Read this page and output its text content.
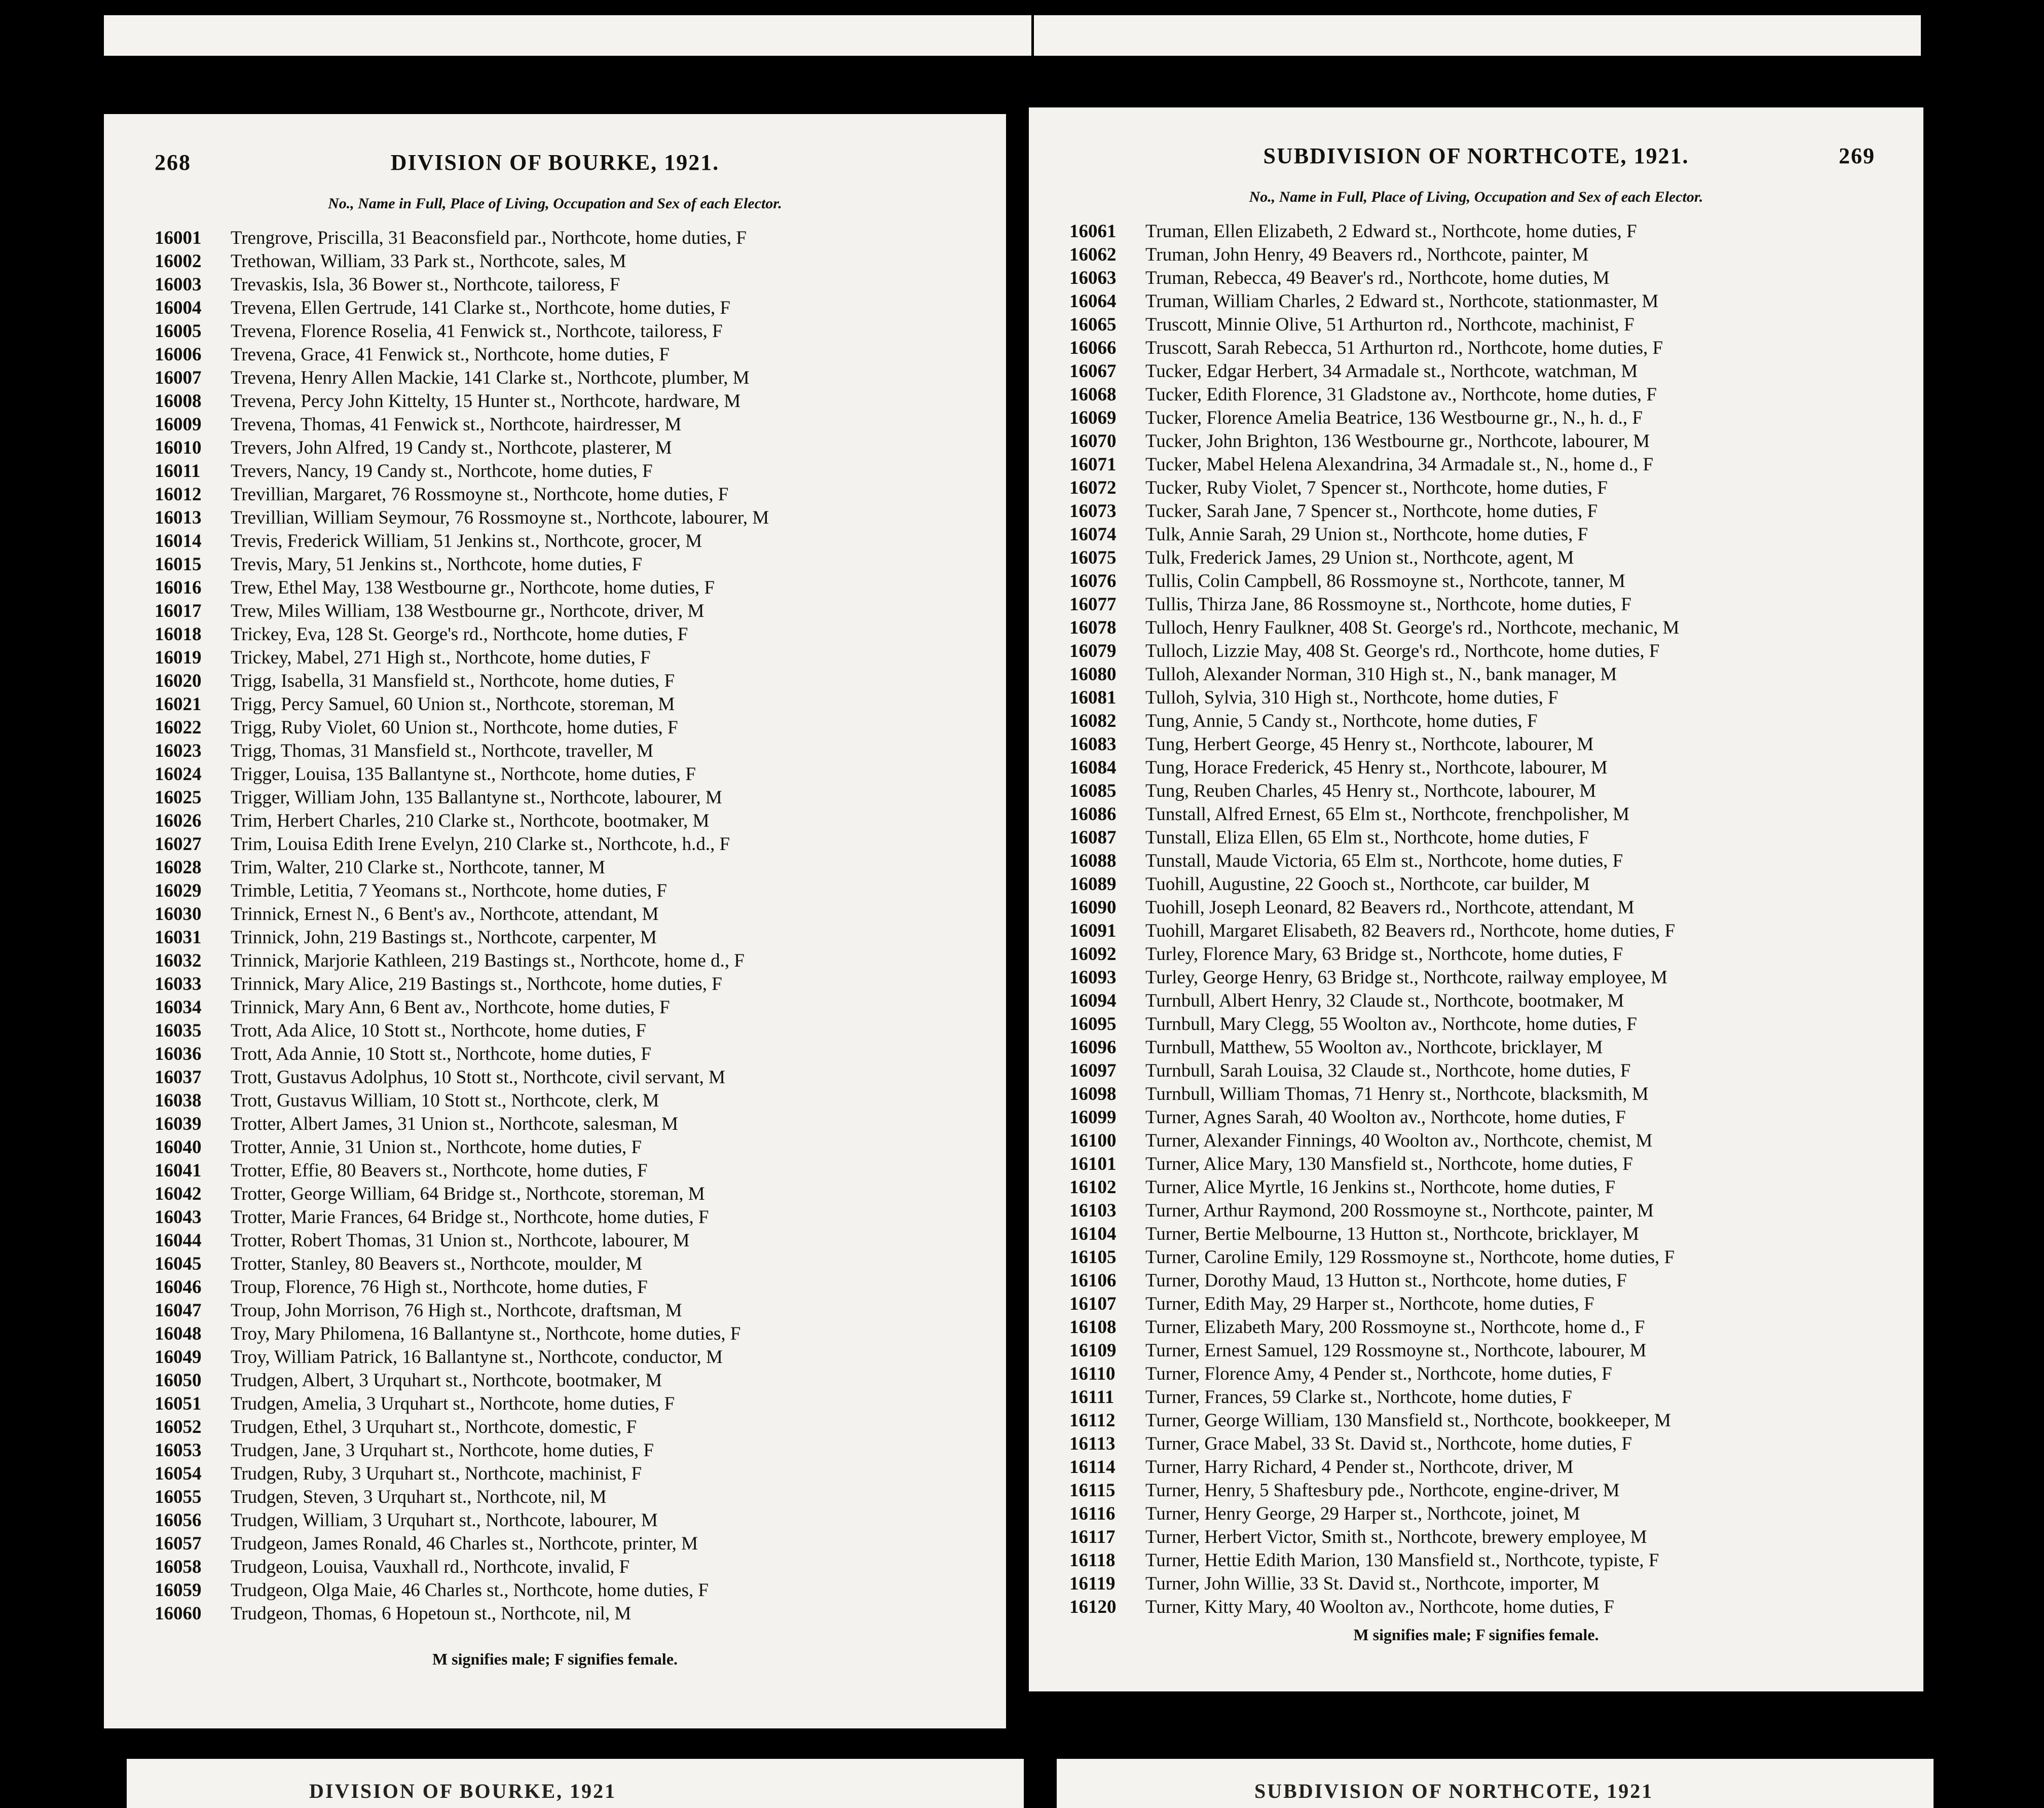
268	DIVISION OF BOURKE, 1921.
No., Name in Full, Place of Living, Occupation and Sex of each Elector.
16001 Trengrove, Priscilla, 31 Beaconsfield par., Northcote, home duties, F
16002 Trethowan, William, 33 Park st., Northcote, sales, M
16003 Trevaskis, Isla, 36 Bower st., Northcote, tailoress, F
16004 Trevena, Ellen Gertrude, 141 Clarke st., Northcote, home duties, F
16005 Trevena, Florence Roselia, 41 Fenwick st., Northcote, tailoress, F
16006 Trevena, Grace, 41 Fenwick st., Northcote, home duties, F
16007 Trevena, Henry Allen Mackie, 141 Clarke st., Northcote, plumber, M
16008 Trevena, Percy John Kittelty, 15 Hunter st., Northcote, hardware, M
16009 Trevena, Thomas, 41 Fenwick st., Northcote, hairdresser, M
16010 Trevers, John Alfred, 19 Candy st., Northcote, plasterer, M
16011 Trevers, Nancy, 19 Candy st., Northcote, home duties, F
16012 Trevillian, Margaret, 76 Rossmoyne st., Northcote, home duties, F
16013 Trevillian, William Seymour, 76 Rossmoyne st., Northcote, labourer, M
16014 Trevis, Frederick William, 51 Jenkins st., Northcote, grocer, M
16015 Trevis, Mary, 51 Jenkins st., Northcote, home duties, F
16016 Trew, Ethel May, 138 Westbourne gr., Northcote, home duties, F
16017 Trew, Miles William, 138 Westbourne gr., Northcote, driver, M
16018 Trickey, Eva, 128 St. George's rd., Northcote, home duties, F
16019 Trickey, Mabel, 271 High st., Northcote, home duties, F
16020 Trigg, Isabella, 31 Mansfield st., Northcote, home duties, F
16021 Trigg, Percy Samuel, 60 Union st., Northcote, storeman, M
16022 Trigg, Ruby Violet, 60 Union st., Northcote, home duties, F
16023 Trigg, Thomas, 31 Mansfield st., Northcote, traveller, M
16024 Trigger, Louisa, 135 Ballantyne st., Northcote, home duties, F
16025 Trigger, William John, 135 Ballantyne st., Northcote, labourer, M
16026 Trim, Herbert Charles, 210 Clarke st., Northcote, bootmaker, M
16027 Trim, Louisa Edith Irene Evelyn, 210 Clarke st., Northcote, h.d., F
16028 Trim, Walter, 210 Clarke st., Northcote, tanner, M
16029 Trimble, Letitia, 7 Yeomans st., Northcote, home duties, F
16030 Trinnick, Ernest N., 6 Bent's av., Northcote, attendant, M
16031 Trinnick, John, 219 Bastings st., Northcote, carpenter, M
16032 Trinnick, Marjorie Kathleen, 219 Bastings st., Northcote, home d., F
16033 Trinnick, Mary Alice, 219 Bastings st., Northcote, home duties, F
16034 Trinnick, Mary Ann, 6 Bent av., Northcote, home duties, F
16035 Trott, Ada Alice, 10 Stott st., Northcote, home duties, F
16036 Trott, Ada Annie, 10 Stott st., Northcote, home duties, F
16037 Trott, Gustavus Adolphus, 10 Stott st., Northcote, civil servant, M
16038 Trott, Gustavus William, 10 Stott st., Northcote, clerk, M
16039 Trotter, Albert James, 31 Union st., Northcote, salesman, M
16040 Trotter, Annie, 31 Union st., Northcote, home duties, F
16041 Trotter, Effie, 80 Beavers st., Northcote, home duties, F
16042 Trotter, George William, 64 Bridge st., Northcote, storeman, M
16043 Trotter, Marie Frances, 64 Bridge st., Northcote, home duties, F
16044 Trotter, Robert Thomas, 31 Union st., Northcote, labourer, M
16045 Trotter, Stanley, 80 Beavers st., Northcote, moulder, M
16046 Troup, Florence, 76 High st., Northcote, home duties, F
16047 Troup, John Morrison, 76 High st., Northcote, draftsman, M
16048 Troy, Mary Philomena, 16 Ballantyne st., Northcote, home duties, F
16049 Troy, William Patrick, 16 Ballantyne st., Northcote, conductor, M
16050 Trudgen, Albert, 3 Urquhart st., Northcote, bootmaker, M
16051 Trudgen, Amelia, 3 Urquhart st., Northcote, home duties, F
16052 Trudgen, Ethel, 3 Urquhart st., Northcote, domestic, F
16053 Trudgen, Jane, 3 Urquhart st., Northcote, home duties, F
16054 Trudgen, Ruby, 3 Urquhart st., Northcote, machinist, F
16055 Trudgen, Steven, 3 Urquhart st., Northcote, nil, M
16056 Trudgen, William, 3 Urquhart st., Northcote, labourer, M
16057 Trudgeon, James Ronald, 46 Charles st., Northcote, printer, M
16058 Trudgeon, Louisa, Vauxhall rd., Northcote, invalid, F
16059 Trudgeon, Olga Maie, 46 Charles st., Northcote, home duties, F
16060 Trudgeon, Thomas, 6 Hopetoun st., Northcote, nil, M
M signifies male; F signifies female.
SUBDIVISION OF NORTHCOTE, 1921.	269
No., Name in Full, Place of Living, Occupation and Sex of each Elector.
16061 Truman, Ellen Elizabeth, 2 Edward st., Northcote, home duties, F
16062 Truman, John Henry, 49 Beavers rd., Northcote, painter, M
16063 Truman, Rebecca, 49 Beaver's rd., Northcote, home duties, M
16064 Truman, William Charles, 2 Edward st., Northcote, stationmaster, M
16065 Truscott, Minnie Olive, 51 Arthurton rd., Northcote, machinist, F
16066 Truscott, Sarah Rebecca, 51 Arthurton rd., Northcote, home duties, F
16067 Tucker, Edgar Herbert, 34 Armadale st., Northcote, watchman, M
16068 Tucker, Edith Florence, 31 Gladstone av., Northcote, home duties, F
16069 Tucker, Florence Amelia Beatrice, 136 Westbourne gr., N., h. d., F
16070 Tucker, John Brighton, 136 Westbourne gr., Northcote, labourer, M
16071 Tucker, Mabel Helena Alexandrina, 34 Armadale st., N., home d., F
16072 Tucker, Ruby Violet, 7 Spencer st., Northcote, home duties, F
16073 Tucker, Sarah Jane, 7 Spencer st., Northcote, home duties, F
16074 Tulk, Annie Sarah, 29 Union st., Northcote, home duties, F
16075 Tulk, Frederick James, 29 Union st., Northcote, agent, M
16076 Tullis, Colin Campbell, 86 Rossmoyne st., Northcote, tanner, M
16077 Tullis, Thirza Jane, 86 Rossmoyne st., Northcote, home duties, F
16078 Tulloch, Henry Faulkner, 408 St. George's rd., Northcote, mechanic, M
16079 Tulloch, Lizzie May, 408 St. George's rd., Northcote, home duties, F
16080 Tulloh, Alexander Norman, 310 High st., N., bank manager, M
16081 Tulloh, Sylvia, 310 High st., Northcote, home duties, F
16082 Tung, Annie, 5 Candy st., Northcote, home duties, F
16083 Tung, Herbert George, 45 Henry st., Northcote, labourer, M
16084 Tung, Horace Frederick, 45 Henry st., Northcote, labourer, M
16085 Tung, Reuben Charles, 45 Henry st., Northcote, labourer, M
16086 Tunstall, Alfred Ernest, 65 Elm st., Northcote, frenchpolisher, M
16087 Tunstall, Eliza Ellen, 65 Elm st., Northcote, home duties, F
16088 Tunstall, Maude Victoria, 65 Elm st., Northcote, home duties, F
16089 Tuohill, Augustine, 22 Gooch st., Northcote, car builder, M
16090 Tuohill, Joseph Leonard, 82 Beavers rd., Northcote, attendant, M
16091 Tuohill, Margaret Elisabeth, 82 Beavers rd., Northcote, home duties, F
16092 Turley, Florence Mary, 63 Bridge st., Northcote, home duties, F
16093 Turley, George Henry, 63 Bridge st., Northcote, railway employee, M
16094 Turnbull, Albert Henry, 32 Claude st., Northcote, bootmaker, M
16095 Turnbull, Mary Clegg, 55 Woolton av., Northcote, home duties, F
16096 Turnbull, Matthew, 55 Woolton av., Northcote, bricklayer, M
16097 Turnbull, Sarah Louisa, 32 Claude st., Northcote, home duties, F
16098 Turnbull, William Thomas, 71 Henry st., Northcote, blacksmith, M
16099 Turner, Agnes Sarah, 40 Woolton av., Northcote, home duties, F
16100 Turner, Alexander Finnings, 40 Woolton av., Northcote, chemist, M
16101 Turner, Alice Mary, 130 Mansfield st., Northcote, home duties, F
16102 Turner, Alice Myrtle, 16 Jenkins st., Northcote, home duties, F
16103 Turner, Arthur Raymond, 200 Rossmoyne st., Northcote, painter, M
16104 Turner, Bertie Melbourne, 13 Hutton st., Northcote, bricklayer, M
16105 Turner, Caroline Emily, 129 Rossmoyne st., Northcote, home duties, F
16106 Turner, Dorothy Maud, 13 Hutton st., Northcote, home duties, F
16107 Turner, Edith May, 29 Harper st., Northcote, home duties, F
16108 Turner, Elizabeth Mary, 200 Rossmoyne st., Northcote, home d., F
16109 Turner, Ernest Samuel, 129 Rossmoyne st., Northcote, labourer, M
16110 Turner, Florence Amy, 4 Pender st., Northcote, home duties, F
16111 Turner, Frances, 59 Clarke st., Northcote, home duties, F
16112 Turner, George William, 130 Mansfield st., Northcote, bookkeeper, M
16113 Turner, Grace Mabel, 33 St. David st., Northcote, home duties, F
16114 Turner, Harry Richard, 4 Pender st., Northcote, driver, M
16115 Turner, Henry, 5 Shaftesbury pde., Northcote, engine-driver, M
16116 Turner, Henry George, 29 Harper st., Northcote, joinet, M
16117 Turner, Herbert Victor, Smith st., Northcote, brewery employee, M
16118 Turner, Hettie Edith Marion, 130 Mansfield st., Northcote, typiste, F
16119 Turner, John Willie, 33 St. David st., Northcote, importer, M
16120 Turner, Kitty Mary, 40 Woolton av., Northcote, home duties, F
M signifies male; F signifies female.
DIVISION OF BOURKE, 1921	SUBDIVISION OF NORTHCOTE, 1921
